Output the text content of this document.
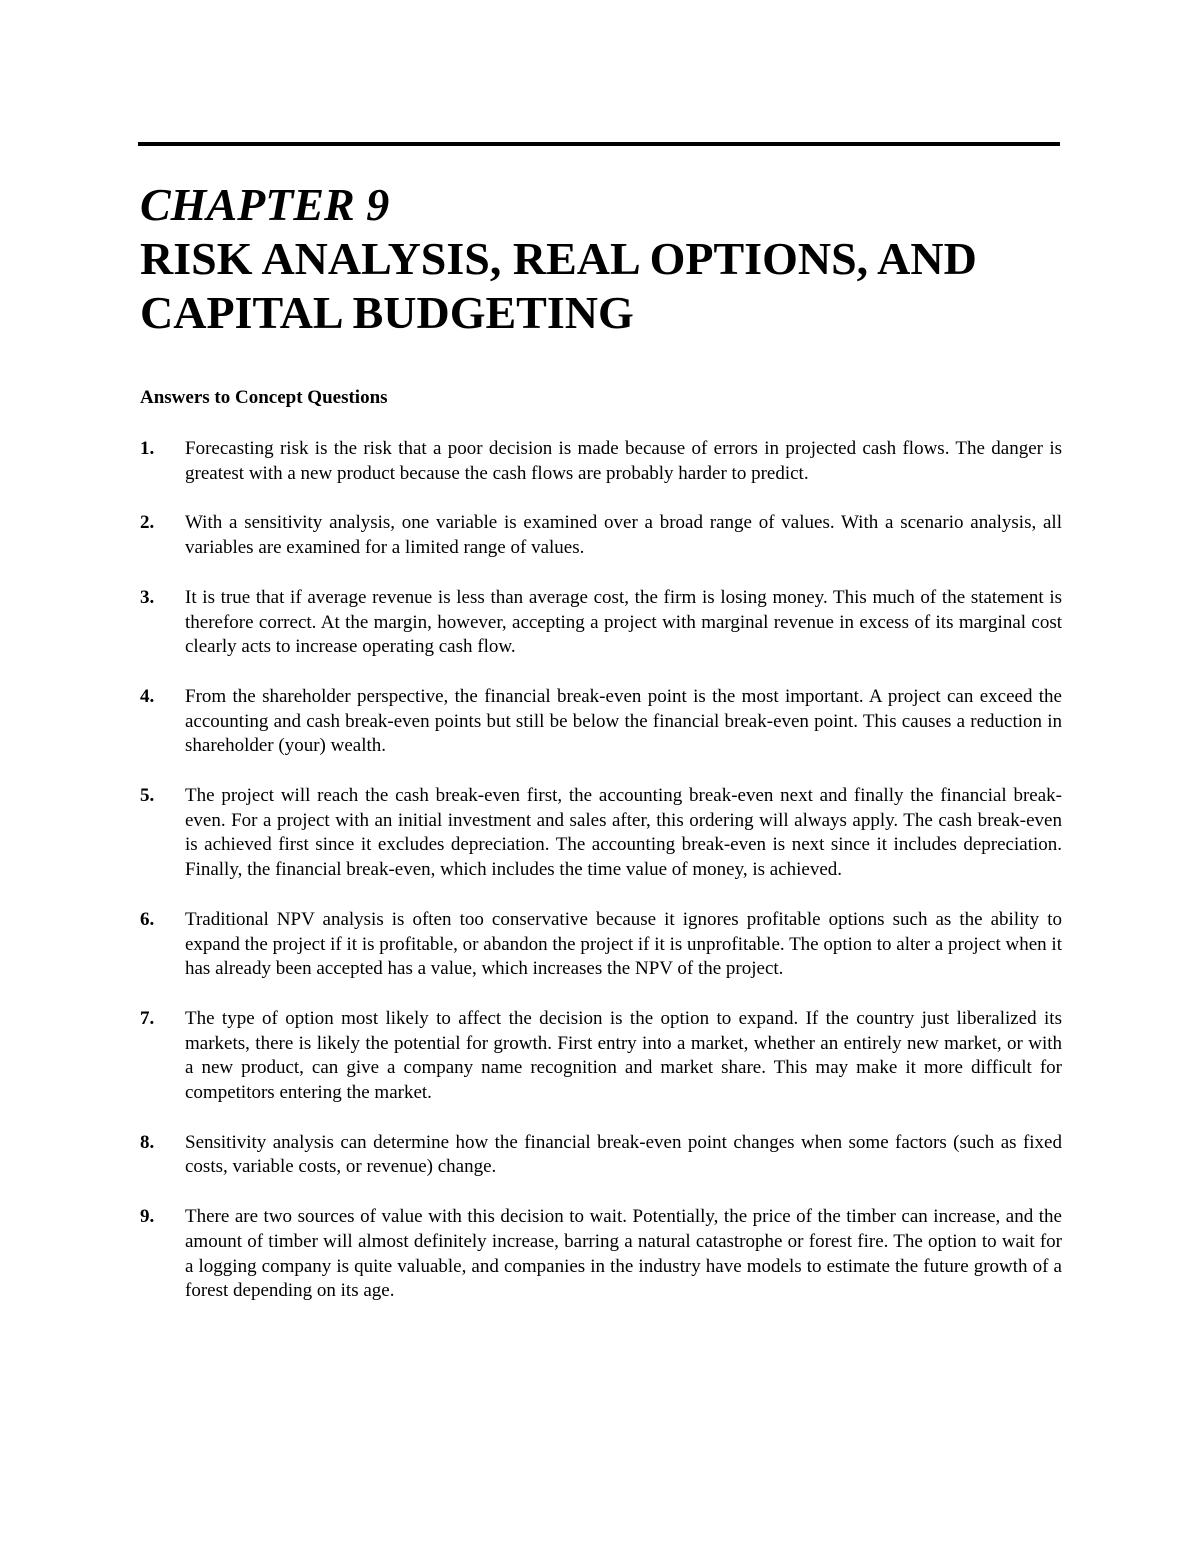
CHAPTER 9
RISK ANALYSIS, REAL OPTIONS, AND
CAPITAL BUDGETING
Answers to Concept Questions
1. Forecasting risk is the risk that a poor decision is made because of errors in projected cash flows. The danger is greatest with a new product because the cash flows are probably harder to predict.
2. With a sensitivity analysis, one variable is examined over a broad range of values. With a scenario analysis, all variables are examined for a limited range of values.
3. It is true that if average revenue is less than average cost, the firm is losing money. This much of the statement is therefore correct. At the margin, however, accepting a project with marginal revenue in excess of its marginal cost clearly acts to increase operating cash flow.
4. From the shareholder perspective, the financial break-even point is the most important. A project can exceed the accounting and cash break-even points but still be below the financial break-even point. This causes a reduction in shareholder (your) wealth.
5. The project will reach the cash break-even first, the accounting break-even next and finally the financial break-even. For a project with an initial investment and sales after, this ordering will always apply. The cash break-even is achieved first since it excludes depreciation. The accounting break-even is next since it includes depreciation. Finally, the financial break-even, which includes the time value of money, is achieved.
6. Traditional NPV analysis is often too conservative because it ignores profitable options such as the ability to expand the project if it is profitable, or abandon the project if it is unprofitable. The option to alter a project when it has already been accepted has a value, which increases the NPV of the project.
7. The type of option most likely to affect the decision is the option to expand. If the country just liberalized its markets, there is likely the potential for growth. First entry into a market, whether an entirely new market, or with a new product, can give a company name recognition and market share. This may make it more difficult for competitors entering the market.
8. Sensitivity analysis can determine how the financial break-even point changes when some factors (such as fixed costs, variable costs, or revenue) change.
9. There are two sources of value with this decision to wait. Potentially, the price of the timber can increase, and the amount of timber will almost definitely increase, barring a natural catastrophe or forest fire. The option to wait for a logging company is quite valuable, and companies in the industry have models to estimate the future growth of a forest depending on its age.
